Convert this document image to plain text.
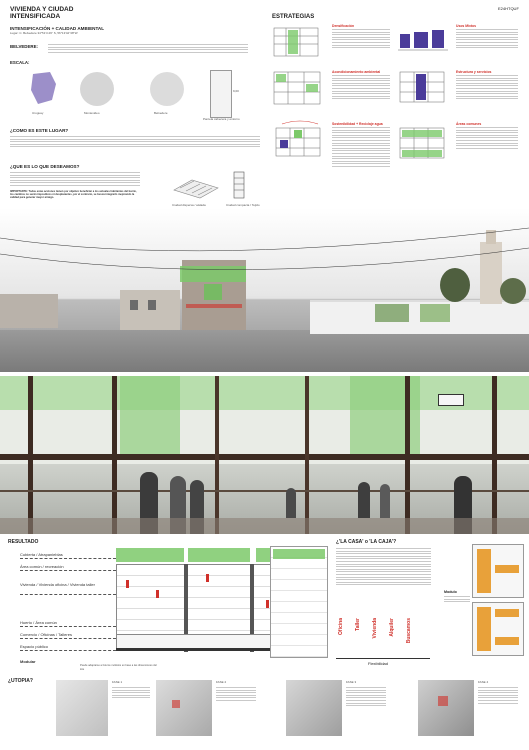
VIVIENDA Y CIUDAD
INTENSIFICADA
INTENSIFICACIÓN + CALIDAD AMBIENTAL
Lugar: C. Belvedere 34°51'3.29" S, 56°13'42''48"W
BELVEDERE:
ESCALA:
9,00
Uruguay	Montevideo	Belvedere
Parcela cabecera y entorno
¿COMO ES ESTE LUGAR?
¿QUE ES LO QUE DESEAMOS?
IMPORTANTE: Todas estas acciones tienen por objetivo beneficiar a los actuales habitantes del barrio, los cambios no serán impositivos ni desplazantes, por el contrario, se busca integrarlo mejorando la calidad para generar mayor arraigo.
Ciudad dispersa / aislada	Ciudad compacta / Tejido
E24HTQUF
ESTRATEGIAS
Densificación	Usos Mixtos
Acondicionamiento ambiental	Estructura y servicios
Sostenibilidad + Reciclaje agua	Áreas comunes
RESULTADO
Cubierta / Atrapanieblas
Área común / recreación
Vivienda / Vivienda oficina / Vivienda taller
Huerto / Área común
Comercio / Oficinas / Talleres
Espacio público
Modular
Puede adaptarse a futuros módulos en base a las dimensiones del lote
¿'LA CASA' o 'LA CAJA'?
Oficina Taller Vivienda Alquiler Buscamos
Flexibilidad
Modulo
¿UTOPIA?	FASE 1	FASE 2	FASE 3	FASE 4
